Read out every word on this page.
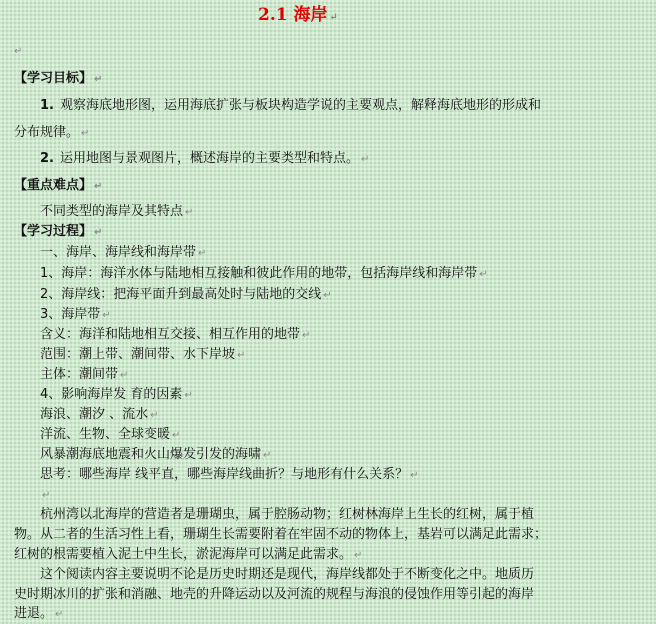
2.1 海岸 ↵
↵
【学习目标】 ↵
1. 观察海底地形图，运用海底扩张与板块构造学说的主要观点，解释海底地形的形成和
分布规律。 ↵
2. 运用地图与景观图片，概述海岸的主要类型和特点。 ↵
【重点难点】 ↵
不同类型的海岸及其特点 ↵
【学习过程】 ↵
一、海岸、海岸线和海岸带 ↵
1、海岸：海洋水体与陆地相互接触和彼此作用的地带，包括海岸线和海岸带 ↵
2、海岸线：把海平面升到最高处时与陆地的交线 ↵
3、海岸带 ↵
含义：海洋和陆地相互交接、相互作用的地带 ↵
范围：潮上带、潮间带、水下岸坡 ↵
主体：潮间带 ↵
4、影响海岸发 育的因素 ↵
海浪、潮汐 、流水 ↵
洋流、生物、全球变暖 ↵
风暴潮海底地震和火山爆发引发的海啸 ↵
思考：哪些海岸 线平直，哪些海岸线曲折？与地形有什么关系？ ↵
↵
杭州湾以北海岸的营造者是珊瑚虫，属于腔肠动物；红树林海岸上生长的红树，属于植
物。从二者的生活习性上看，珊瑚生长需要附着在牢固不动的物体上，基岩可以满足此需求；
红树的根需要植入泥土中生长，淤泥海岸可以满足此需求。 ↵
这个阅读内容主要说明不论是历史时期还是现代，海岸线都处于不断变化之中。地质历
史时期冰川的扩张和消融、地壳的升降运动以及河流的规程与海浪的侵蚀作用等引起的海岸
进退。 ↵
